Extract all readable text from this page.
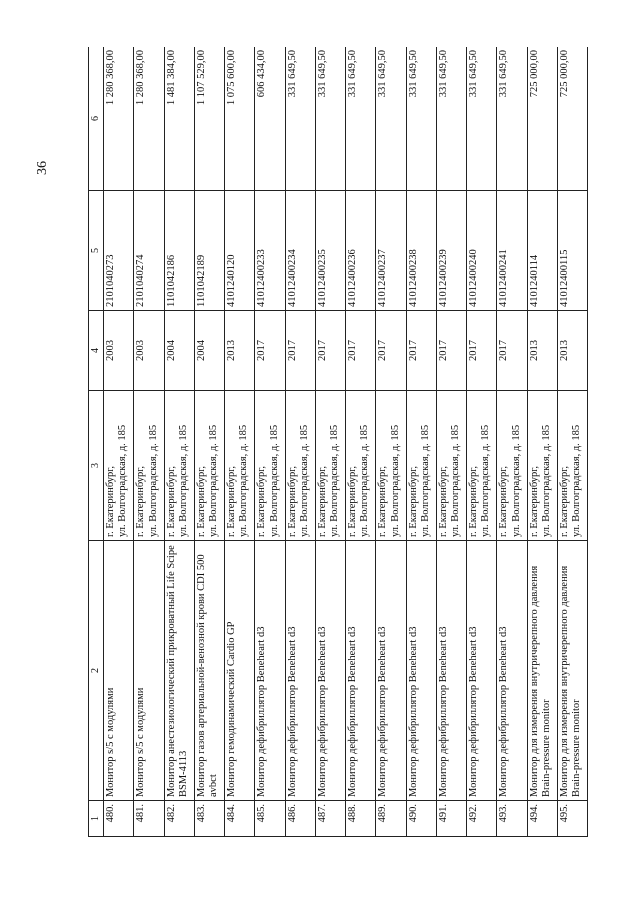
36
1	2	3	4	5	6
480.	Монитор s/5 с модулями	г. Екатеринбург, ул. Волгоградская, д. 185	2003	2101040273	1 280 368,00
481.	Монитор s/5 с модулями	г. Екатеринбург, ул. Волгоградская, д. 185	2003	2101040274	1 280 368,00
482.	Монитор анестезиологический прикроватный Life Scipe BSM-4113	г. Екатеринбург, ул. Волгоградская, д. 185	2004	1101042186	1 481 384,00
483.	Монитор газов артериальной-венозной крови CDI 500 avbct	г. Екатеринбург, ул. Волгоградская, д. 185	2004	1101042189	1 107 529,00
484.	Монитор гемодинамический Cardio GP	г. Екатеринбург, ул. Волгоградская, д. 185	2013	4101240120	1 075 600,00
485.	Монитор дефибриллятор Beneheart d3	г. Екатеринбург, ул. Волгоградская, д. 185	2017	41012400233	606 434,00
486.	Монитор дефибриллятор Beneheart d3	г. Екатеринбург, ул. Волгоградская, д. 185	2017	41012400234	331 649,50
487.	Монитор дефибриллятор Beneheart d3	г. Екатеринбург, ул. Волгоградская, д. 185	2017	41012400235	331 649,50
488.	Монитор дефибриллятор Beneheart d3	г. Екатеринбург, ул. Волгоградская, д. 185	2017	41012400236	331 649,50
489.	Монитор дефибриллятор Beneheart d3	г. Екатеринбург, ул. Волгоградская, д. 185	2017	41012400237	331 649,50
490.	Монитор дефибриллятор Beneheart d3	г. Екатеринбург, ул. Волгоградская, д. 185	2017	41012400238	331 649,50
491.	Монитор дефибриллятор Beneheart d3	г. Екатеринбург, ул. Волгоградская, д. 185	2017	41012400239	331 649,50
492.	Монитор дефибриллятор Beneheart d3	г. Екатеринбург, ул. Волгоградская, д. 185	2017	41012400240	331 649,50
493.	Монитор дефибриллятор Beneheart d3	г. Екатеринбург, ул. Волгоградская, д. 185	2017	41012400241	331 649,50
494.	Монитор для измерения внутричерепного давления Brain-pressure monitor	г. Екатеринбург, ул. Волгоградская, д. 185	2013	4101240114	725 000,00
495.	Монитор для измерения внутричерепного давления Brain-pressure monitor	г. Екатеринбург, ул. Волгоградская, д. 185	2013	41012400115	725 000,00
